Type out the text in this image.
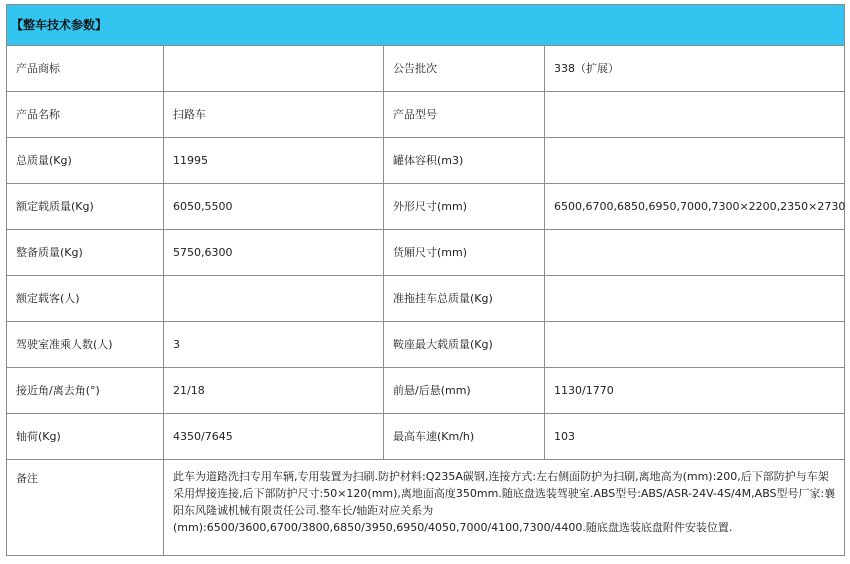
【整车技术参数】			
产品商标		公告批次	338（扩展）
产品名称	扫路车	产品型号	
总质量(Kg)	11995	罐体容积(m3)	
额定载质量(Kg)	6050,5500	外形尺寸(mm)	6500,6700,6850,6950,7000,7300×2200,2350×2730
整备质量(Kg)	5750,6300	货厢尺寸(mm)	
额定载客(人)		准拖挂车总质量(Kg)	
驾驶室准乘人数(人)	3	鞍座最大载质量(Kg)	
接近角/离去角(°)	21/18	前悬/后悬(mm)	1130/1770
轴荷(Kg)	4350/7645	最高车速(Km/h)	103
备注	此车为道路洗扫专用车辆,专用装置为扫刷.防护材料:Q235A碳钢,连接方式:左右侧面防护为扫刷,离地高为(mm):200,后下部防护与车架采用焊接连接,后下部防护尺寸:50×120(mm),离地面高度350mm.随底盘选装驾驶室.ABS型号:ABS/ASR-24V-4S/4M,ABS型号厂家:襄阳东风隆诚机械有限责任公司.整车长/轴距对应关系为(mm):6500/3600,6700/3800,6850/3950,6950/4050,7000/4100,7300/4400.随底盘选装底盘附件安装位置.		
